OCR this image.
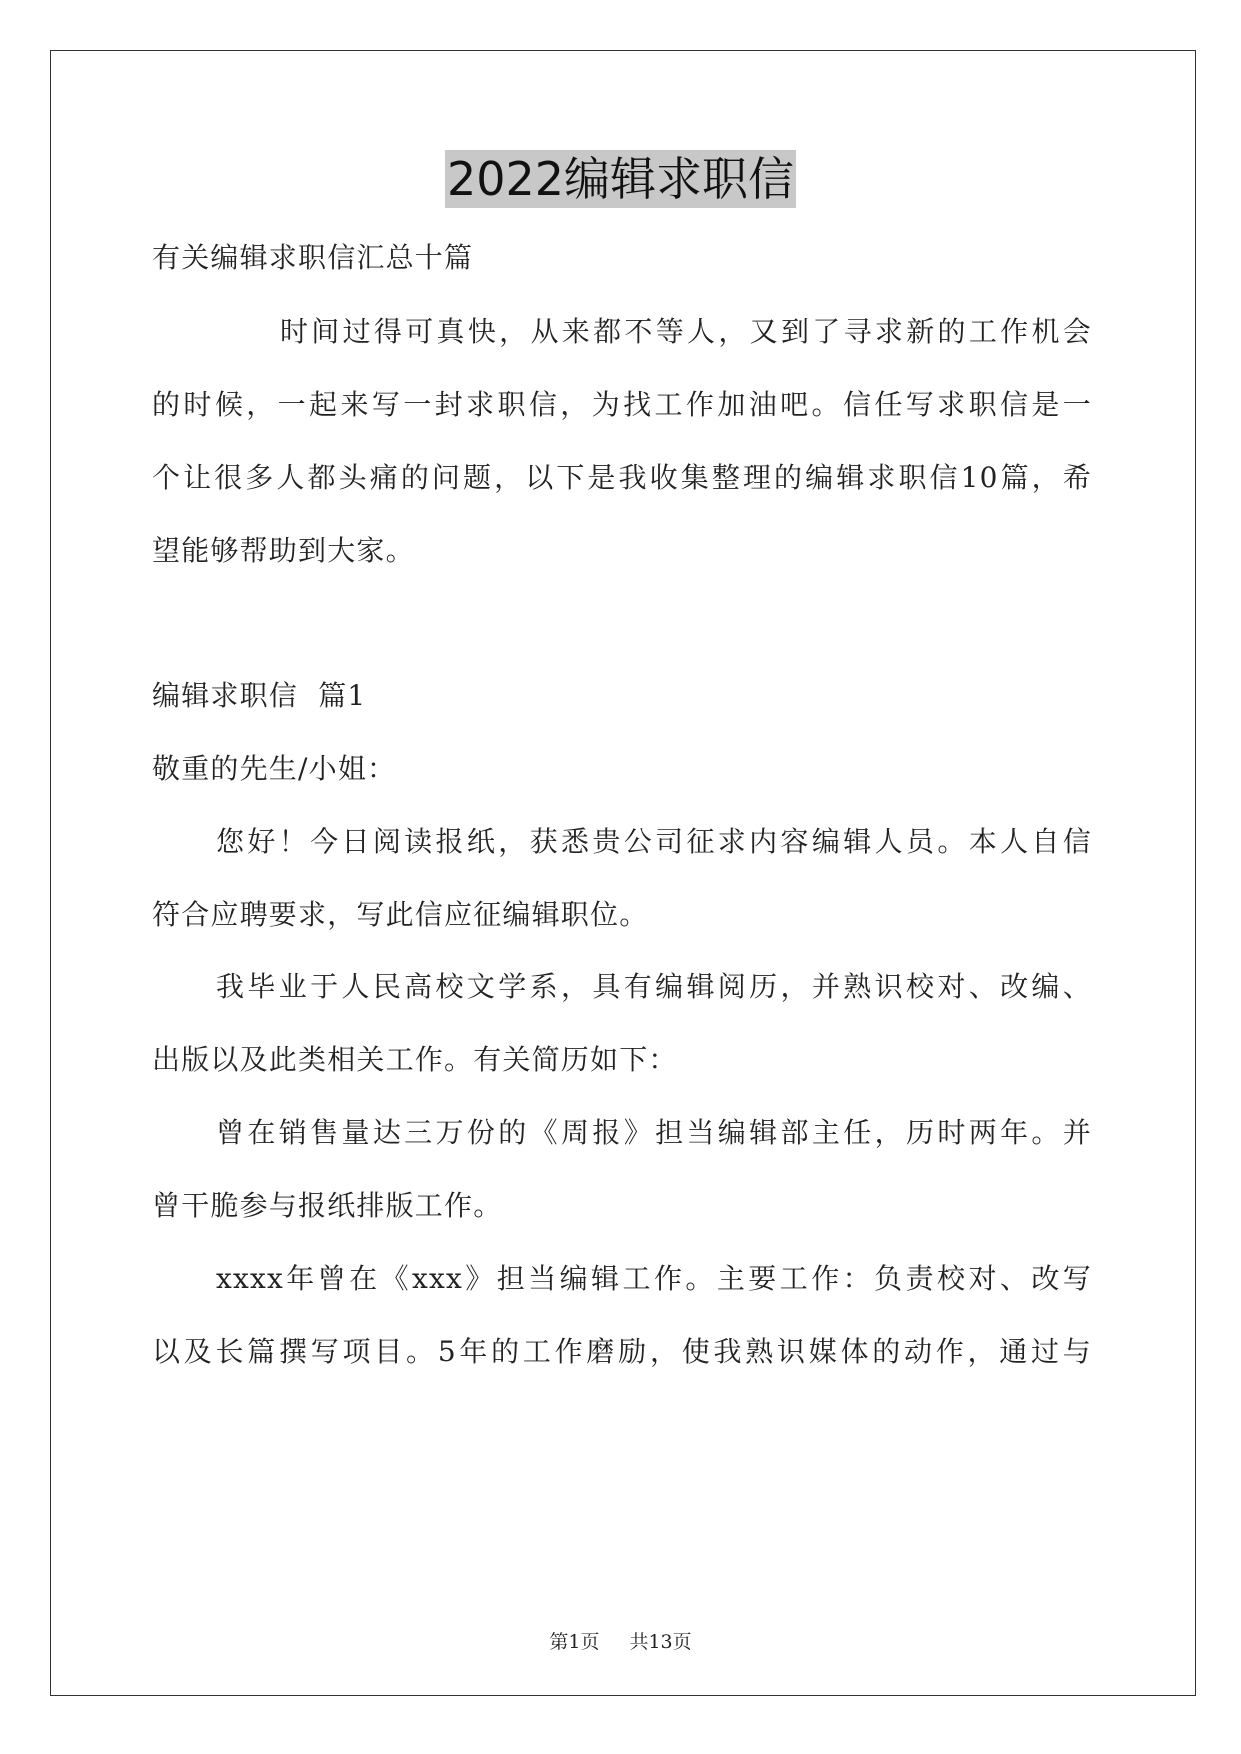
2022编辑求职信
有关编辑求职信汇总十篇
时间过得可真快，从来都不等人，又到了寻求新的工作机会
的时候，一起来写一封求职信，为找工作加油吧。信任写求职信是一
个让很多人都头痛的问题，以下是我收集整理的编辑求职信10篇，希
望能够帮助到大家。
编辑求职信  篇1
敬重的先生/小姐：
您好！今日阅读报纸，获悉贵公司征求内容编辑人员。本人自信
符合应聘要求，写此信应征编辑职位。
我毕业于人民高校文学系，具有编辑阅历，并熟识校对、改编、
出版以及此类相关工作。有关简历如下：
曾在销售量达三万份的《周报》担当编辑部主任，历时两年。并
曾干脆参与报纸排版工作。
xxxx年曾在《xxx》担当编辑工作。主要工作：负责校对、改写
以及长篇撰写项目。5年的工作磨励，使我熟识媒体的动作，通过与
第1页 共13页
